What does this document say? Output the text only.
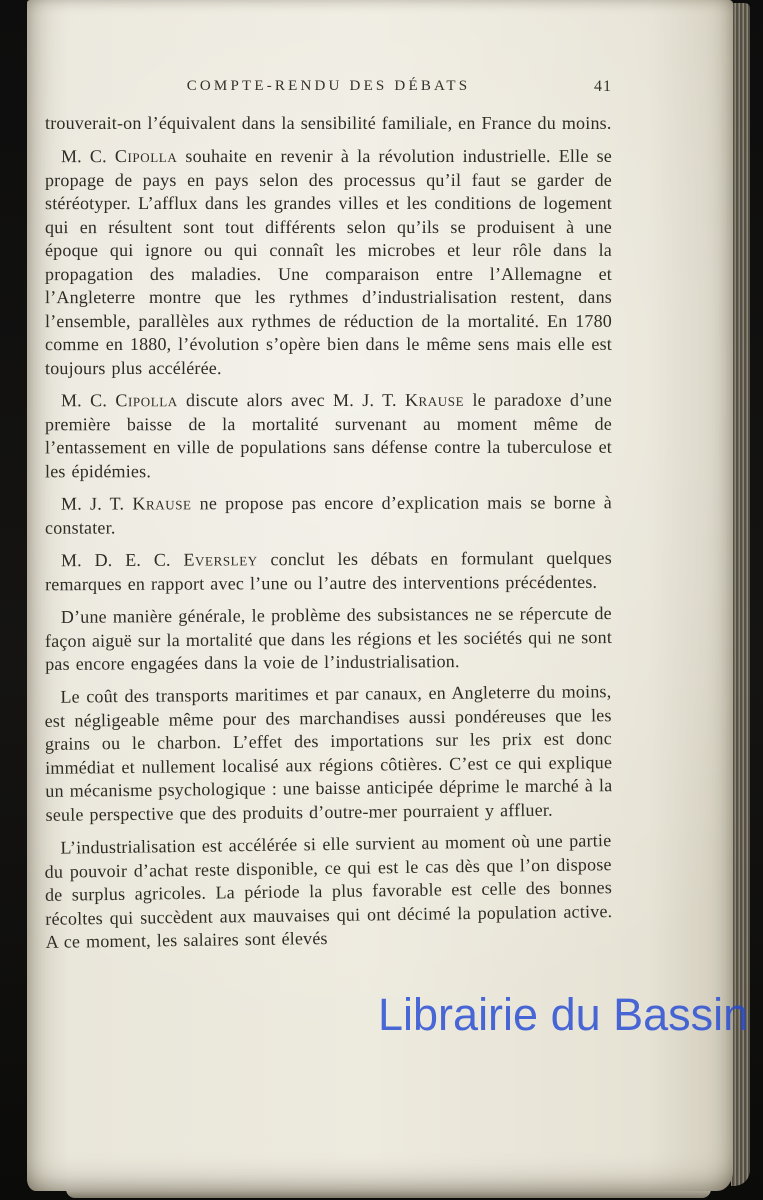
COMPTE-RENDU DES DÉBATS	41

trouverait-on l’équivalent dans la sensibilité familiale, en France du moins.

M. C. Cipolla souhaite en revenir à la révolution industrielle. Elle se propage de pays en pays selon des processus qu’il faut se garder de stéréotyper. L’afflux dans les grandes villes et les conditions de logement qui en résultent sont tout différents selon qu’ils se produisent à une époque qui ignore ou qui connaît les microbes et leur rôle dans la propagation des maladies. Une comparaison entre l’Allemagne et l’Angleterre montre que les rythmes d’industrialisation restent, dans l’ensemble, parallèles aux rythmes de réduction de la mortalité. En 1780 comme en 1880, l’évolution s’opère bien dans le même sens mais elle est toujours plus accélérée.

M. C. Cipolla discute alors avec M. J. T. Krause le paradoxe d’une première baisse de la mortalité survenant au moment même de l’entassement en ville de populations sans défense contre la tuberculose et les épidémies.

M. J. T. Krause ne propose pas encore d’explication mais se borne à constater.

M. D. E. C. Eversley conclut les débats en formulant quelques remarques en rapport avec l’une ou l’autre des interventions précédentes.

D’une manière générale, le problème des subsistances ne se répercute de façon aiguë sur la mortalité que dans les régions et les sociétés qui ne sont pas encore engagées dans la voie de l’industrialisation.

Le coût des transports maritimes et par canaux, en Angleterre du moins, est négligeable même pour des marchandises aussi pondéreuses que les grains ou le charbon. L’effet des importations sur les prix est donc immédiat et nullement localisé aux régions côtières. C’est ce qui explique un mécanisme psychologique : une baisse anticipée déprime le marché à la seule perspective que des produits d’outre-mer pourraient y affluer.

L’industrialisation est accélérée si elle survient au moment où une partie du pouvoir d’achat reste disponible, ce qui est le cas dès que l’on dispose de surplus agricoles. La période la plus favorable est celle des bonnes récoltes qui succèdent aux mauvaises qui ont décimé la population active. A ce moment, les salaires sont élevés

Librairie du Bassin
